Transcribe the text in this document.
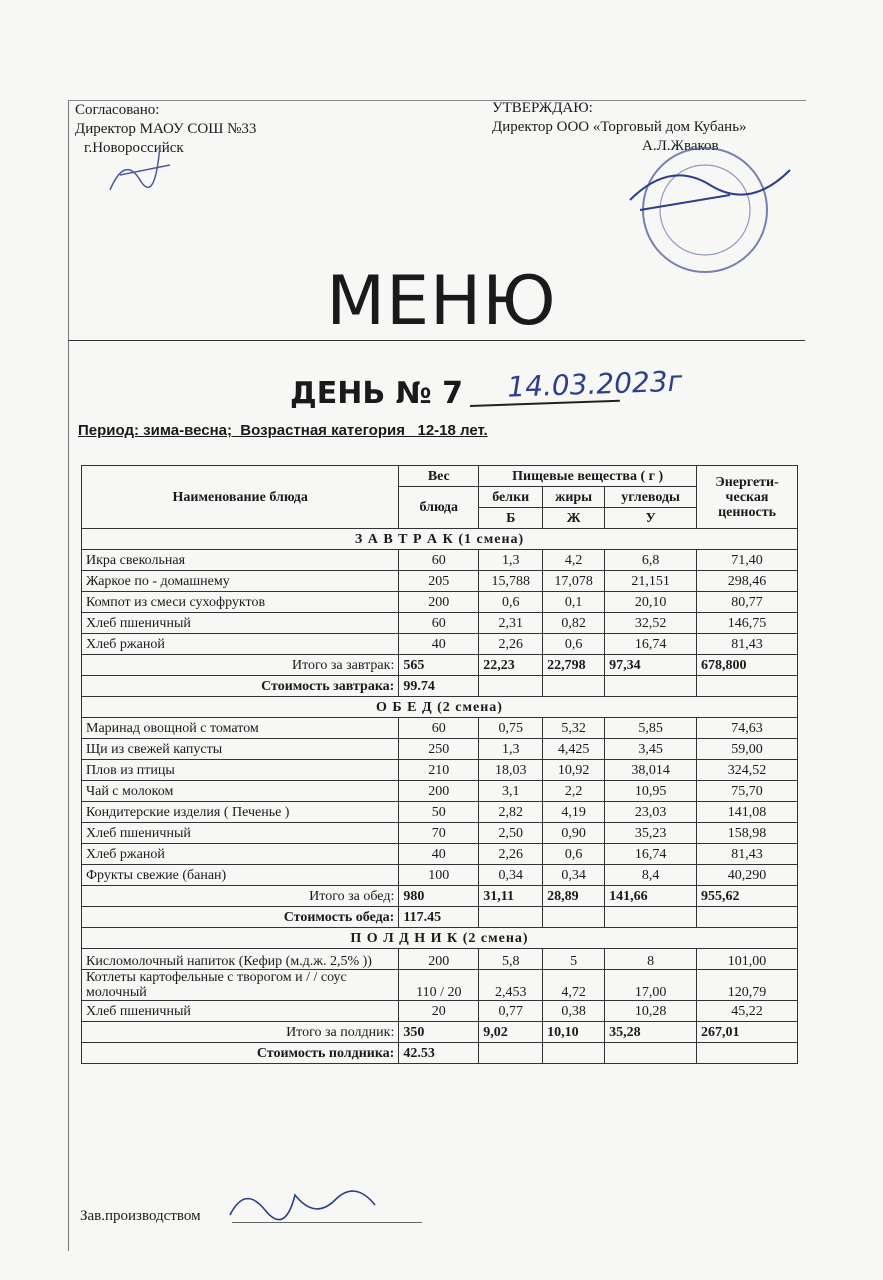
Согласовано:
Директор МАОУ СОШ №33
г.Новороссийск
УТВЕРЖДАЮ:
Директор ООО «Торговый дом Кубань»
А.Л.Жваков
МЕНЮ
ДЕНЬ № 7	14.03.2023г
Период: зима-весна;  Возрастная категория   12-18 лет.
Наименование блюда	Вес	Пищевые вещества ( г )			Энергети-ческая ценность
	блюда	белки	жиры	углеводы	
		Б	Ж	У	
З А В Т Р А К (1 смена)					
Икра свекольная	60	1,3	4,2	6,8	71,40
Жаркое по - домашнему	205	15,788	17,078	21,151	298,46
Компот из смеси сухофруктов	200	0,6	0,1	20,10	80,77
Хлеб пшеничный	60	2,31	0,82	32,52	146,75
Хлеб ржаной	40	2,26	0,6	16,74	81,43
Итого за завтрак:	565	22,23	22,798	97,34	678,800
Стоимость завтрака:	99.74				
О Б Е Д (2 смена)					
Маринад овощной с томатом	60	0,75	5,32	5,85	74,63
Щи из свежей капусты	250	1,3	4,425	3,45	59,00
Плов из птицы	210	18,03	10,92	38,014	324,52
Чай с молоком	200	3,1	2,2	10,95	75,70
Кондитерские изделия ( Печенье )	50	2,82	4,19	23,03	141,08
Хлеб пшеничный	70	2,50	0,90	35,23	158,98
Хлеб ржаной	40	2,26	0,6	16,74	81,43
Фрукты свежие (банан)	100	0,34	0,34	8,4	40,290
Итого за обед:	980	31,11	28,89	141,66	955,62
Стоимость обеда:	117.45				
П О Л Д Н И К (2 смена)					
Кисломолочный напиток (Кефир (м.д.ж. 2,5% ))	200	5,8	5	8	101,00
Котлеты картофельные с творогом и / / соус молочный	110 / 20	2,453	4,72	17,00	120,79
Хлеб пшеничный	20	0,77	0,38	10,28	45,22
Итого за полдник:	350	9,02	10,10	35,28	267,01
Стоимость полдника:	42.53				
Зав.производством
